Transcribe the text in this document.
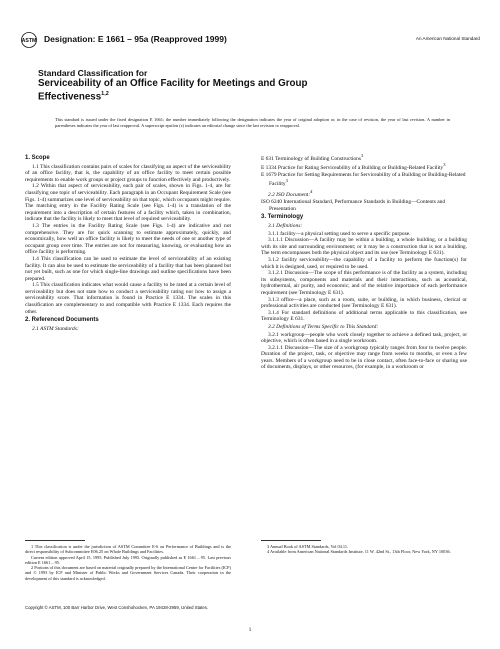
ASTM Designation: E 1661 – 95a (Reapproved 1999)	An American National Standard
Standard Classification for
Serviceability of an Office Facility for Meetings and Group
Effectiveness$^{1,2}$
This standard is issued under the fixed designation E 1661; the number immediately following the designation indicates the year of original adoption or, in the case of revision, the year of last revision. A number in parentheses indicates the year of last reapproval. A superscript epsilon (ε) indicates an editorial change since the last revision or reapproval.
1. Scope

1.1 This classification contains pairs of scales for classifying an aspect of the serviceability of an office facility, that is, the capability of an office facility to meet certain possible requirements to enable work groups or project groups to function effectively and productively.

1.2 Within that aspect of serviceability, each pair of scales, shown in Figs. 1-4, are for classifying one topic of serviceability. Each paragraph in an Occupant Requirement Scale (see Figs. 1-4) summarizes one level of serviceability on that topic, which occupants might require. The matching entry in the Facility Rating Scale (see Figs. 1-4) is a translation of the requirement into a description of certain features of a facility which, taken in combination, indicate that the facility is likely to meet that level of required serviceability.

1.3 The entries in the Facility Rating Scale (see Figs. 1-4) are indicative and not comprehensive. They are for quick scanning to estimate approximately, quickly, and economically, how well an office facility is likely to meet the needs of one or another type of occupant group over time. The entries are not for measuring, knowing, or evaluating how an office facility is performing.

1.4 This classification can be used to estimate the level of serviceability of an existing facility. It can also be used to estimate the serviceability of a facility that has been planned but not yet built, such as one for which single-line drawings and outline specifications have been prepared.

1.5 This classification indicates what would cause a facility to be rated at a certain level of serviceability but does not state how to conduct a serviceability rating nor how to assign a serviceability score. That information is found in Practice E 1334. The scales in this classification are complementary to and compatible with Practice E 1334. Each requires the other.

2. Referenced Documents

2.1 ASTM Standards:

E 631 Terminology of Building Constructions$^3$

E 1334 Practice for Rating Serviceability of a Building or Building-Related Facility$^3$

E 1679 Practice for Setting Requirements for Serviceability of a Building or Building-Related Facility$^3$

2.2 ISO Document:$^4$

ISO 6240 International Standard, Performance Standards in Building—Contents and Presentation

3. Terminology

3.1 Definitions:

3.1.1 facility—a physical setting used to serve a specific purpose.

3.1.1.1 Discussion—A facility may be within a building, a whole building, or a building with its site and surrounding environment; or it may be a construction that is not a building. The term encompasses both the physical object and its use (see Terminology E 631).

3.1.2 facility serviceability—the capability of a facility to perform the function(s) for which it is designed, used, or required to be used.

3.1.2.1 Discussion—The scope of this performance is of the facility as a system, including its subsystems, components and materials and their interactions, such as acoustical, hydrothermal, air purity, and economic; and of the relative importance of each performance requirement (see Terminology E 631).

3.1.3 office—a place, such as a room, suite, or building, in which business, clerical or professional activities are conducted (see Terminology E 631).

3.1.4 For standard definitions of additional terms applicable to this classification, see Terminology E 631.

3.2 Definitions of Terms Specific to This Standard:

3.2.1 workgroup—people who work closely together to achieve a defined task, project, or objective, which is often based in a single workroom.

3.2.1.1 Discussion—The size of a workgroup typically ranges from four to twelve people. Duration of the project, task, or objective may range from weeks to months, or even a few years. Members of a workgroup need to be in close contact, often face-to-face or sharing use of documents, displays, or other resources, (for example, in a workroom or

1 This classification is under the jurisdiction of ASTM Committee E-6 on Performance of Buildings and is the direct responsibility of Subcommittee E06.25 on Whole Buildings and Facilities.
Current edition approved April 15, 1995. Published July 1995. Originally published as E 1661 – 95. Last previous edition E 1661 – 95.
2 Portions of this document are based on material originally prepared by the International Centre for Facilities (ICF) and © 1993 by ICF and Minister of Public Works and Government Services Canada. Their cooperation in the development of this standard is acknowledged.
3 Annual Book of ASTM Standards, Vol 04.11.
4 Available from American National Standards Institute, 11 W. 42nd St., 13th Floor, New York, NY 10036.
Copyright © ASTM, 100 Barr Harbor Drive, West Conshohocken, PA 19428-2959, United States.
1
